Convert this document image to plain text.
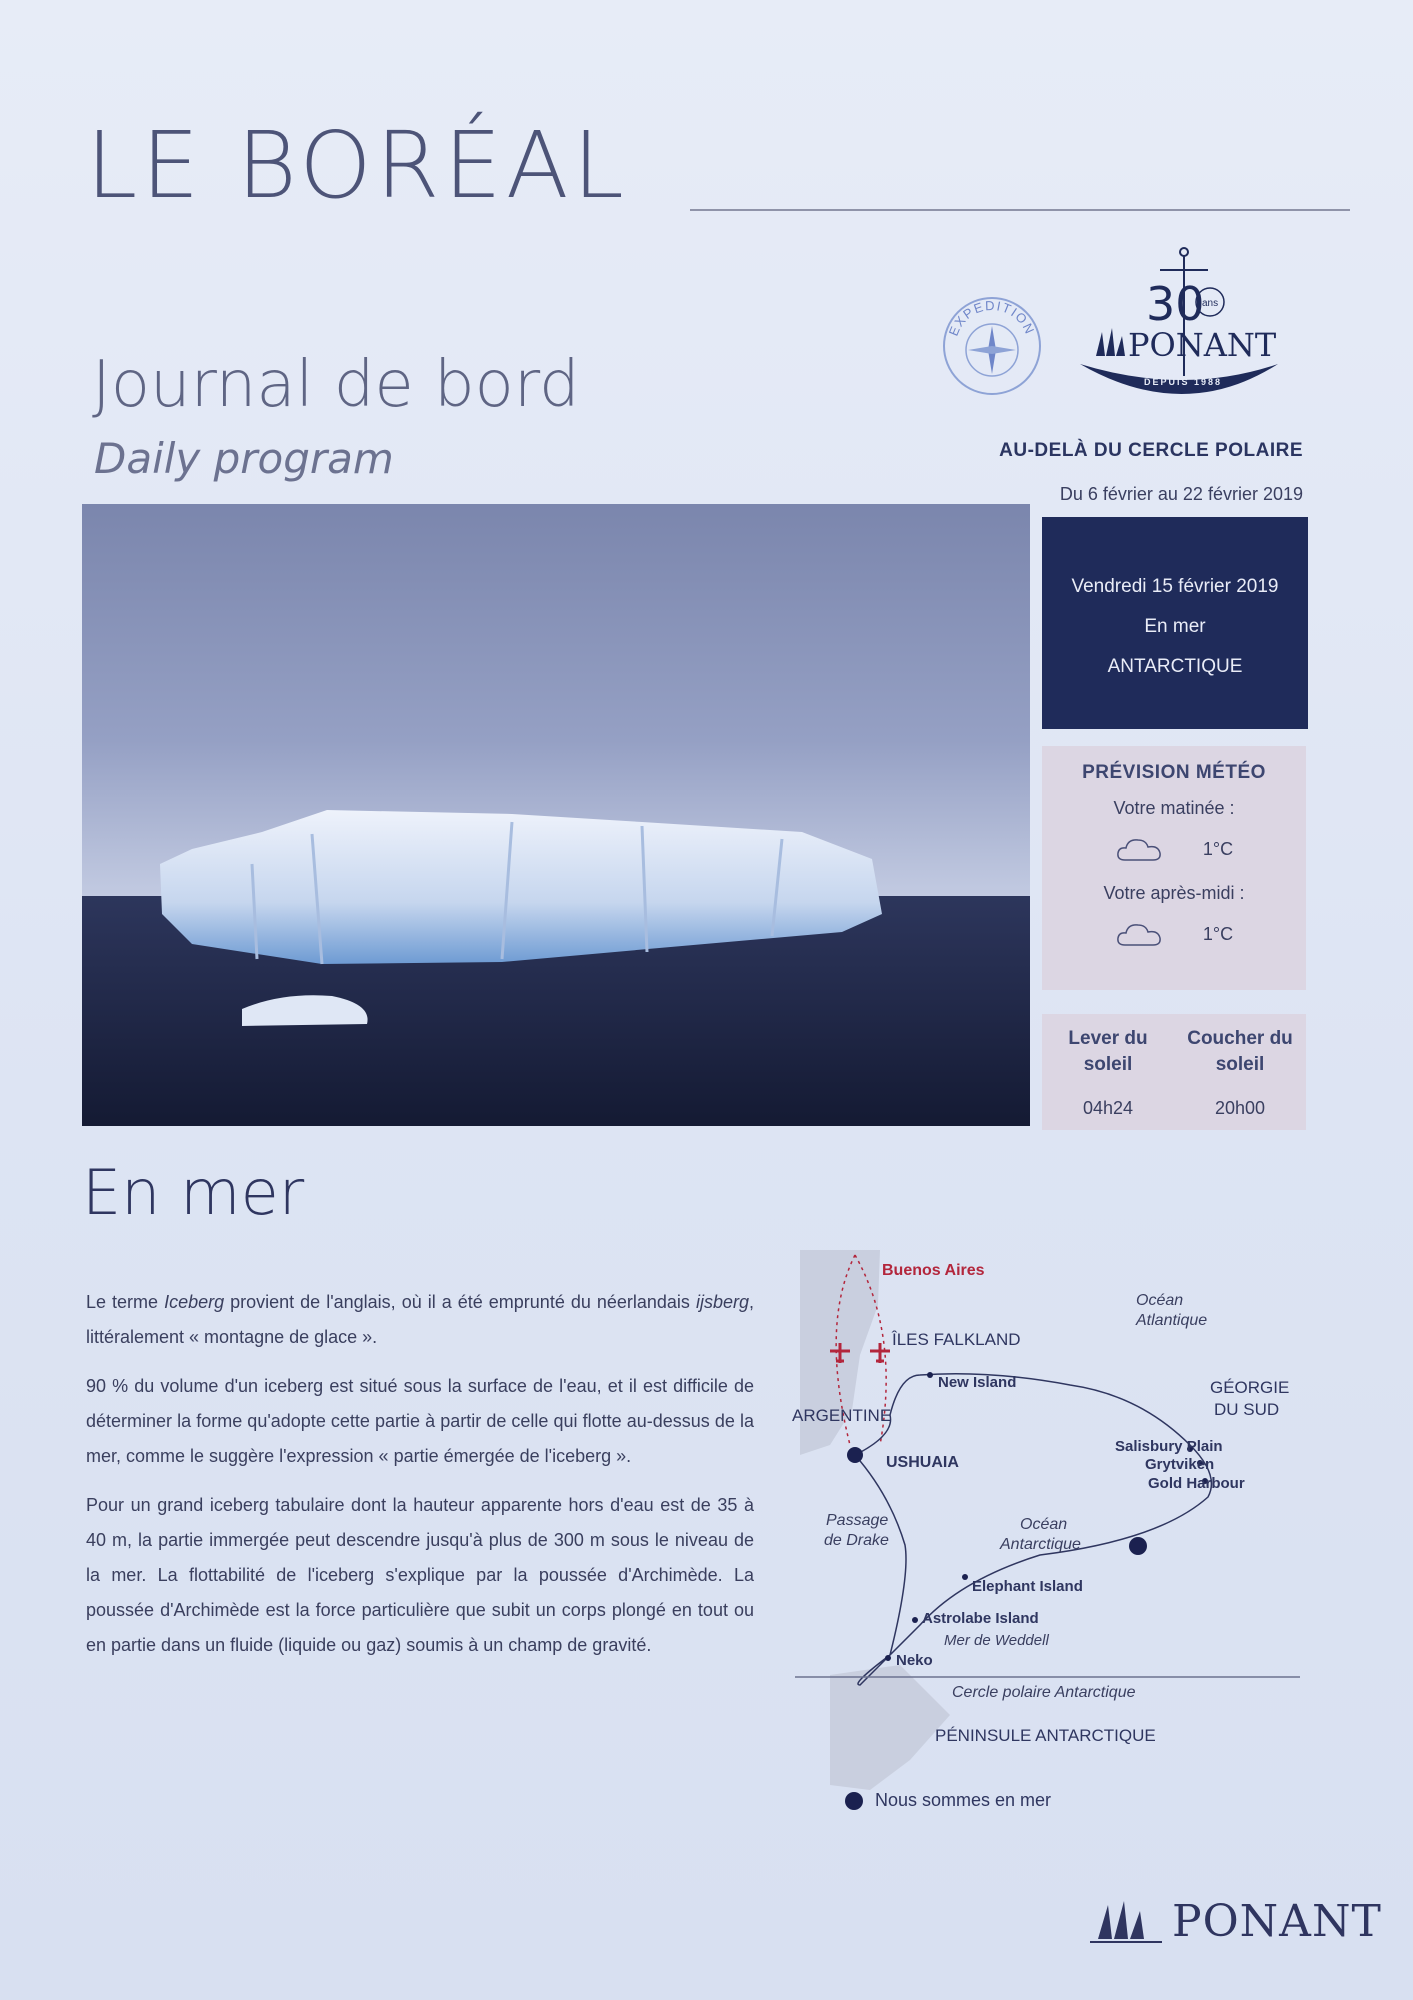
LE BORÉAL
Journal de bord
Daily program
EXPEDITION 30
ans
PONANT
DEPUIS 1988
AU-DELÀ DU CERCLE POLAIRE
Du 6 février au 22 février 2019
Vendredi 15 février 2019
En mer
ANTARCTIQUE
PRÉVISION MÉTÉO
Votre matinée :
1°C
Votre après-midi :
1°C
Lever du
soleil
04h24
Coucher du
soleil
20h00
En mer

Le terme Iceberg provient de l'anglais, où il a été emprunté du néerlandais ijsberg, littéralement « montagne de glace ».

90 % du volume d'un iceberg est situé sous la surface de l'eau, et il est difficile de déterminer la forme qu'adopte cette partie à partir de celle qui flotte au-dessus de la mer, comme le suggère l'expression « partie émergée de l'iceberg ».

Pour un grand iceberg tabulaire dont la hauteur apparente hors d'eau est de 35 à 40 m, la partie immergée peut descendre jusqu'à plus de 300 m sous le niveau de la mer. La flottabilité de l'iceberg s'explique par la poussée d'Archimède. La poussée d'Archimède est la force particulière que subit un corps plongé en tout ou en partie dans un fluide (liquide ou gaz) soumis à un champ de gravité.

Buenos Aires
Océan
Atlantique
ÎLES FALKLAND
New Island	GÉORGIE
DU SUD
ARGENTINE
Salisbury Plain
Grytviken
Gold Harbour
USHUAIA
Passage
de Drake
Océan
Antarctique
Elephant Island
Astrolabe Island
Mer de Weddell
Neko
Cercle polaire Antarctique
PÉNINSULE ANTARCTIQUE
Nous sommes en mer
PONANT
